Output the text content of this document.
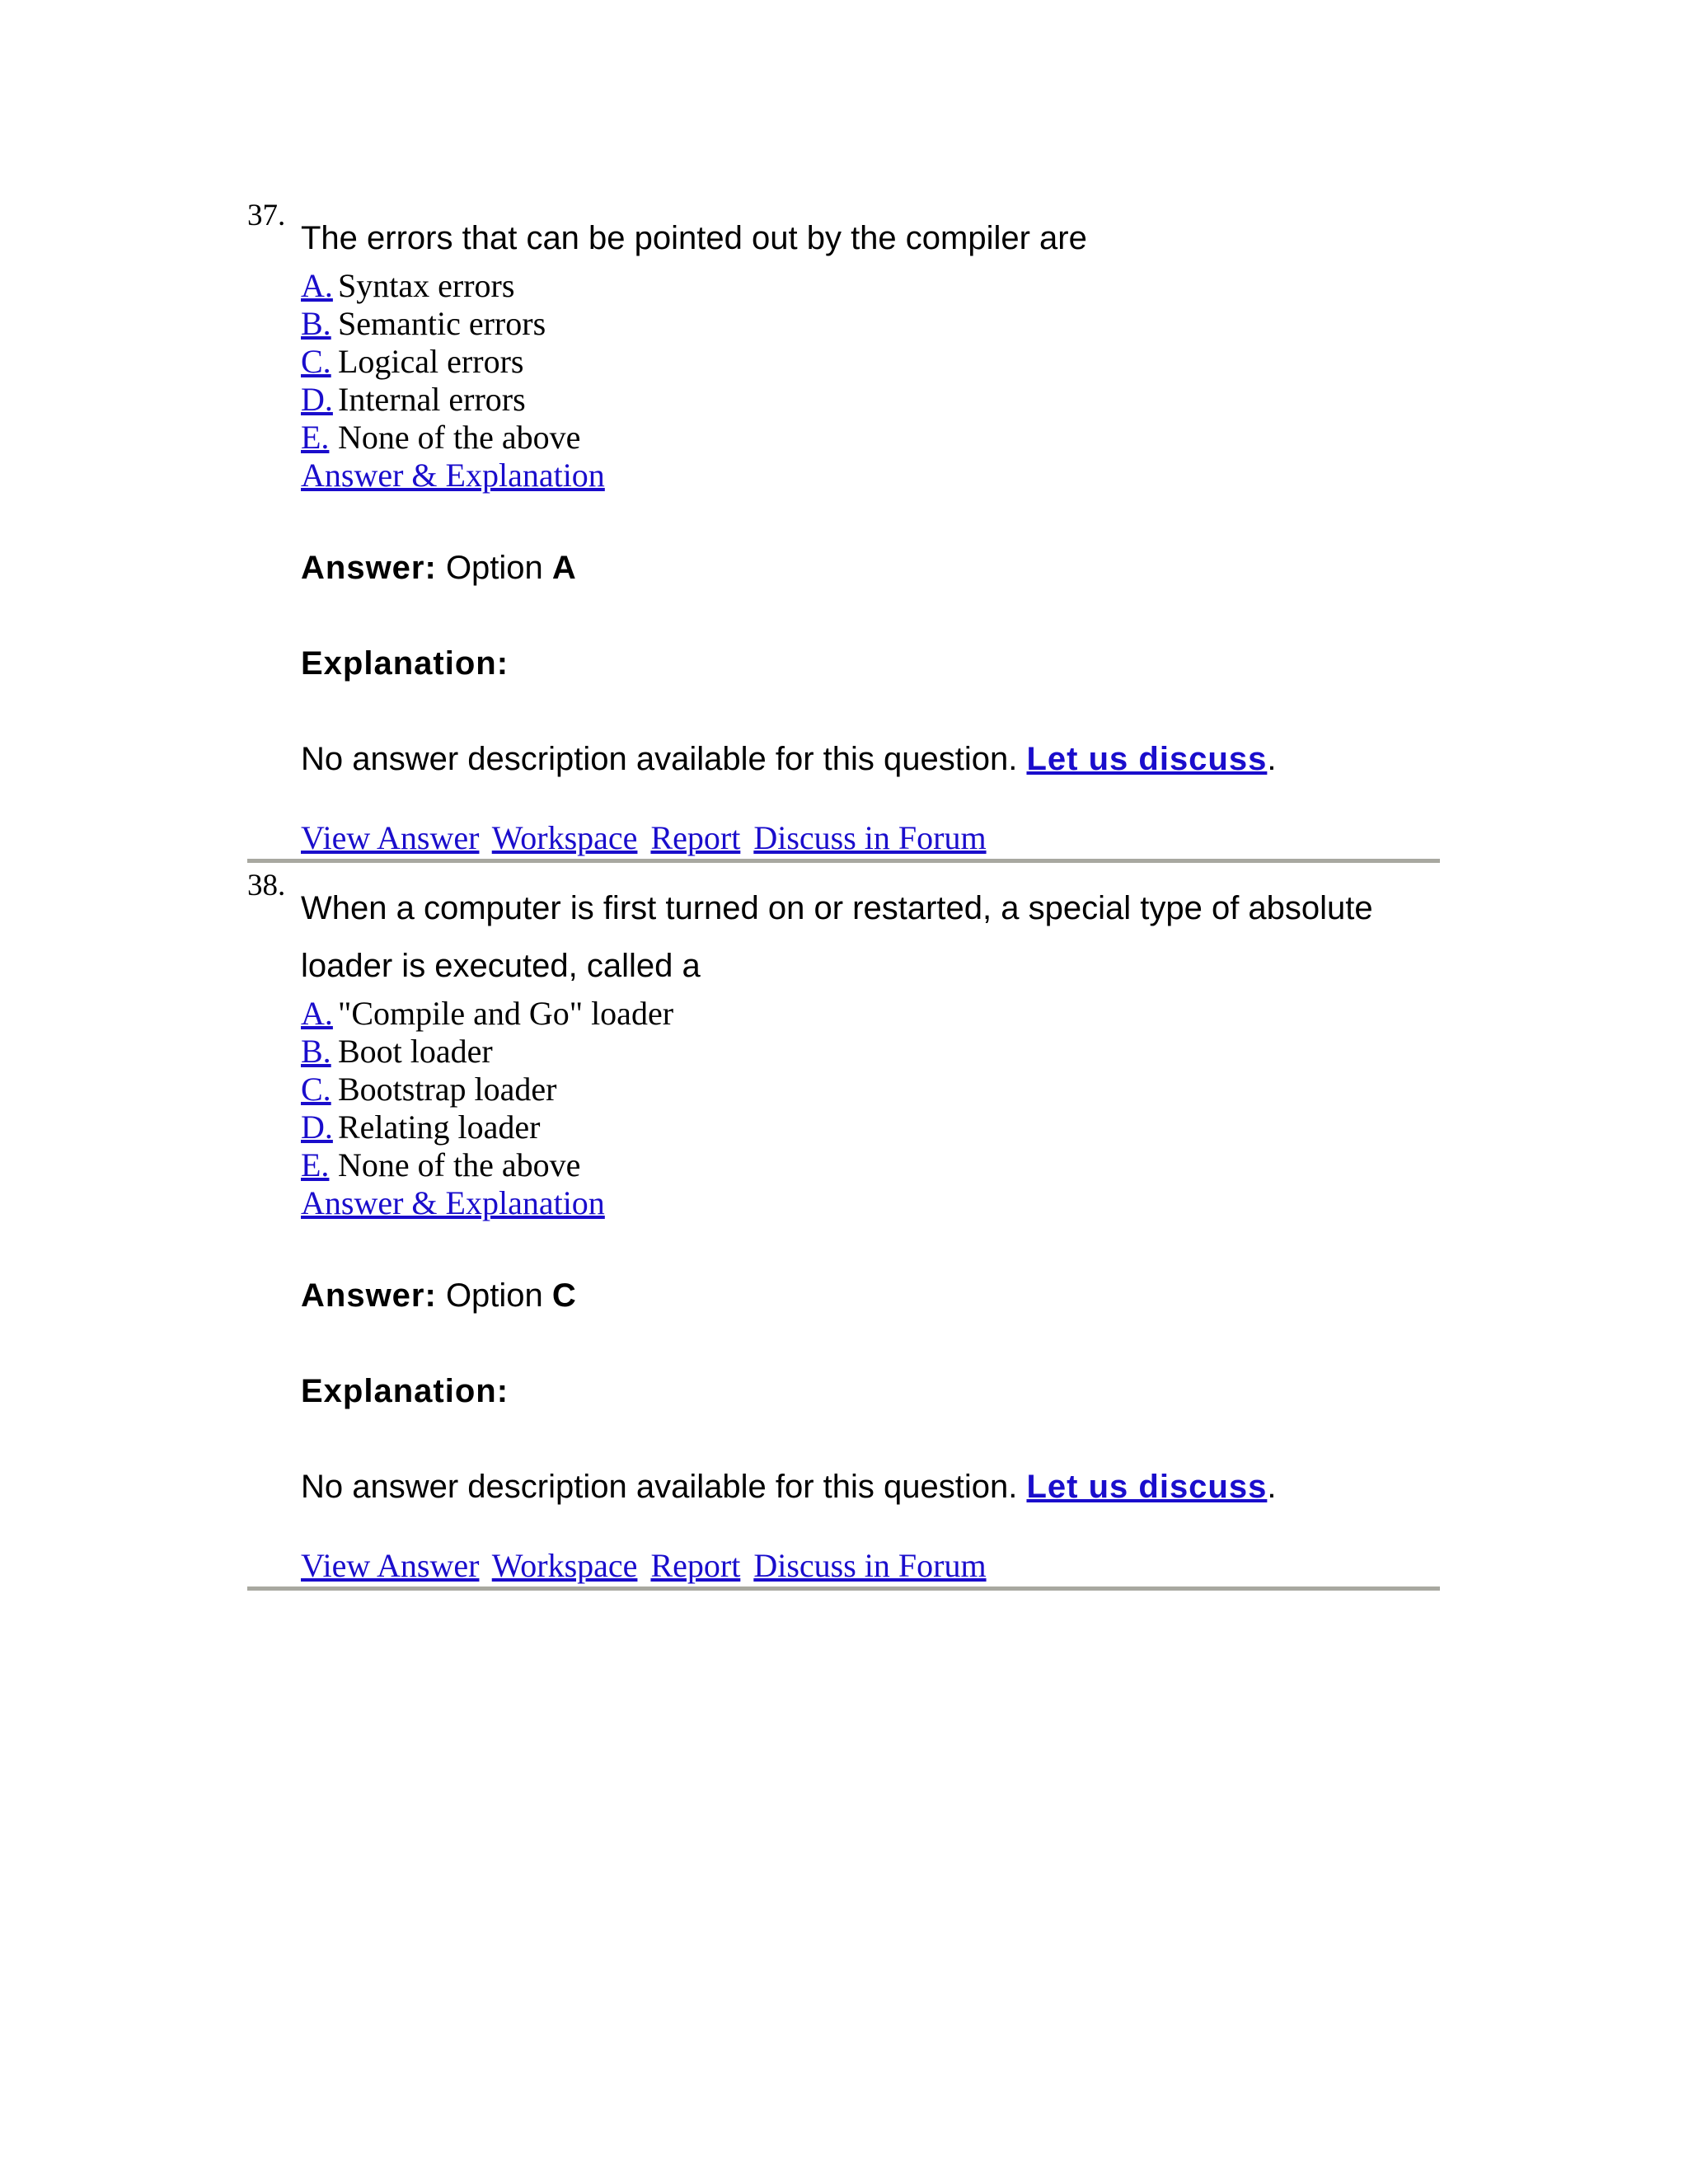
37.

The errors that can be pointed out by the compiler are

A. Syntax errors
B. Semantic errors
C. Logical errors
D. Internal errors
E. None of the above
Answer & Explanation
Answer: Option A
Explanation:
No answer description available for this question. Let us discuss.
View Answer Workspace Report Discuss in Forum
38.

When a computer is first turned on or restarted, a special type of absolute loader is executed, called a

A. "Compile and Go" loader
B. Boot loader
C. Bootstrap loader
D. Relating loader
E. None of the above
Answer & Explanation
Answer: Option C
Explanation:
No answer description available for this question. Let us discuss.
View Answer Workspace Report Discuss in Forum
